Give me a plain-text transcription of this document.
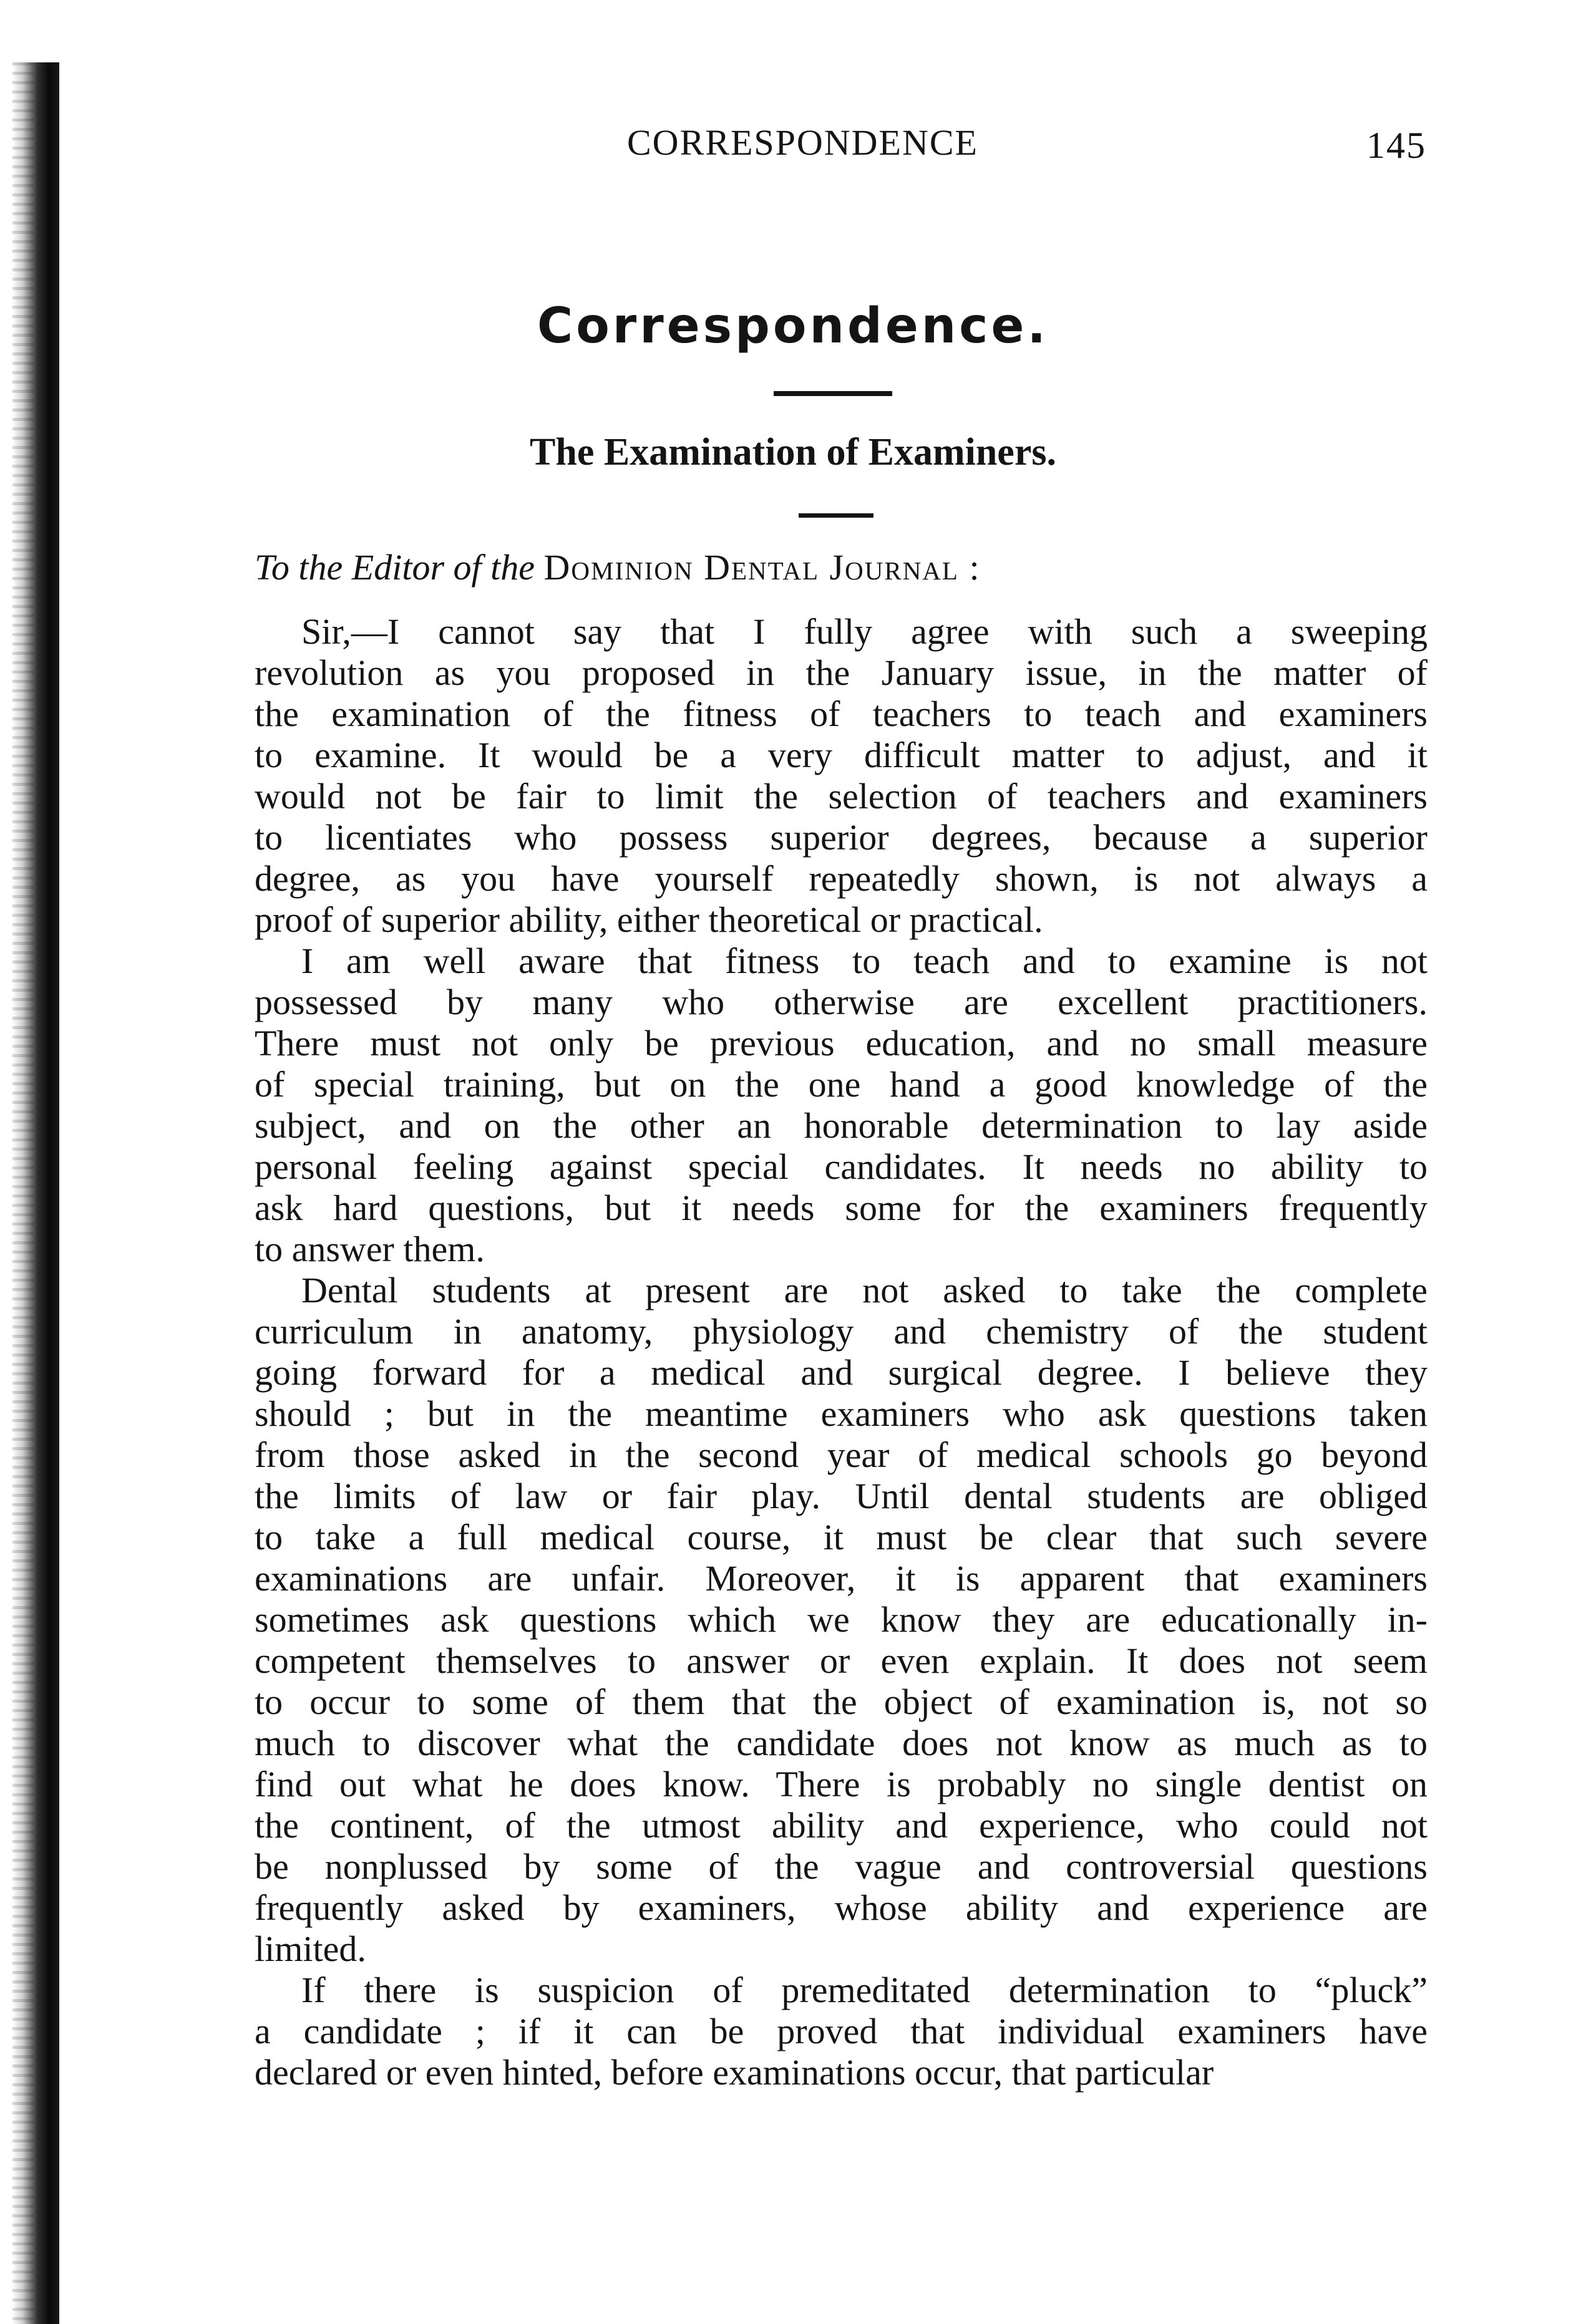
CORRESPONDENCE	145
Correspondence.
The Examination of Examiners.
To the Editor of the Dominion Dental Journal :
Sir,—I cannot say that I fully agree with such a sweeping
revolution as you proposed in the January issue, in the matter of
the examination of the fitness of teachers to teach and examiners
to examine. It would be a very difficult matter to adjust, and it
would not be fair to limit the selection of teachers and examiners
to licentiates who possess superior degrees, because a superior
degree, as you have yourself repeatedly shown, is not always a
proof of superior ability, either theoretical or practical.
I am well aware that fitness to teach and to examine is not
possessed by many who otherwise are excellent practitioners.
There must not only be previous education, and no small measure
of special training, but on the one hand a good knowledge of the
subject, and on the other an honorable determination to lay aside
personal feeling against special candidates. It needs no ability to
ask hard questions, but it needs some for the examiners frequently
to answer them.
Dental students at present are not asked to take the complete
curriculum in anatomy, physiology and chemistry of the student
going forward for a medical and surgical degree. I believe they
should ; but in the meantime examiners who ask questions taken
from those asked in the second year of medical schools go beyond
the limits of law or fair play. Until dental students are obliged
to take a full medical course, it must be clear that such severe
examinations are unfair. Moreover, it is apparent that examiners
sometimes ask questions which we know they are educationally in-
competent themselves to answer or even explain. It does not seem
to occur to some of them that the object of examination is, not so
much to discover what the candidate does not know as much as to
find out what he does know. There is probably no single dentist on
the continent, of the utmost ability and experience, who could not
be nonplussed by some of the vague and controversial questions
frequently asked by examiners, whose ability and experience are
limited.
If there is suspicion of premeditated determination to “pluck”
a candidate ; if it can be proved that individual examiners have
declared or even hinted, before examinations occur, that particular
